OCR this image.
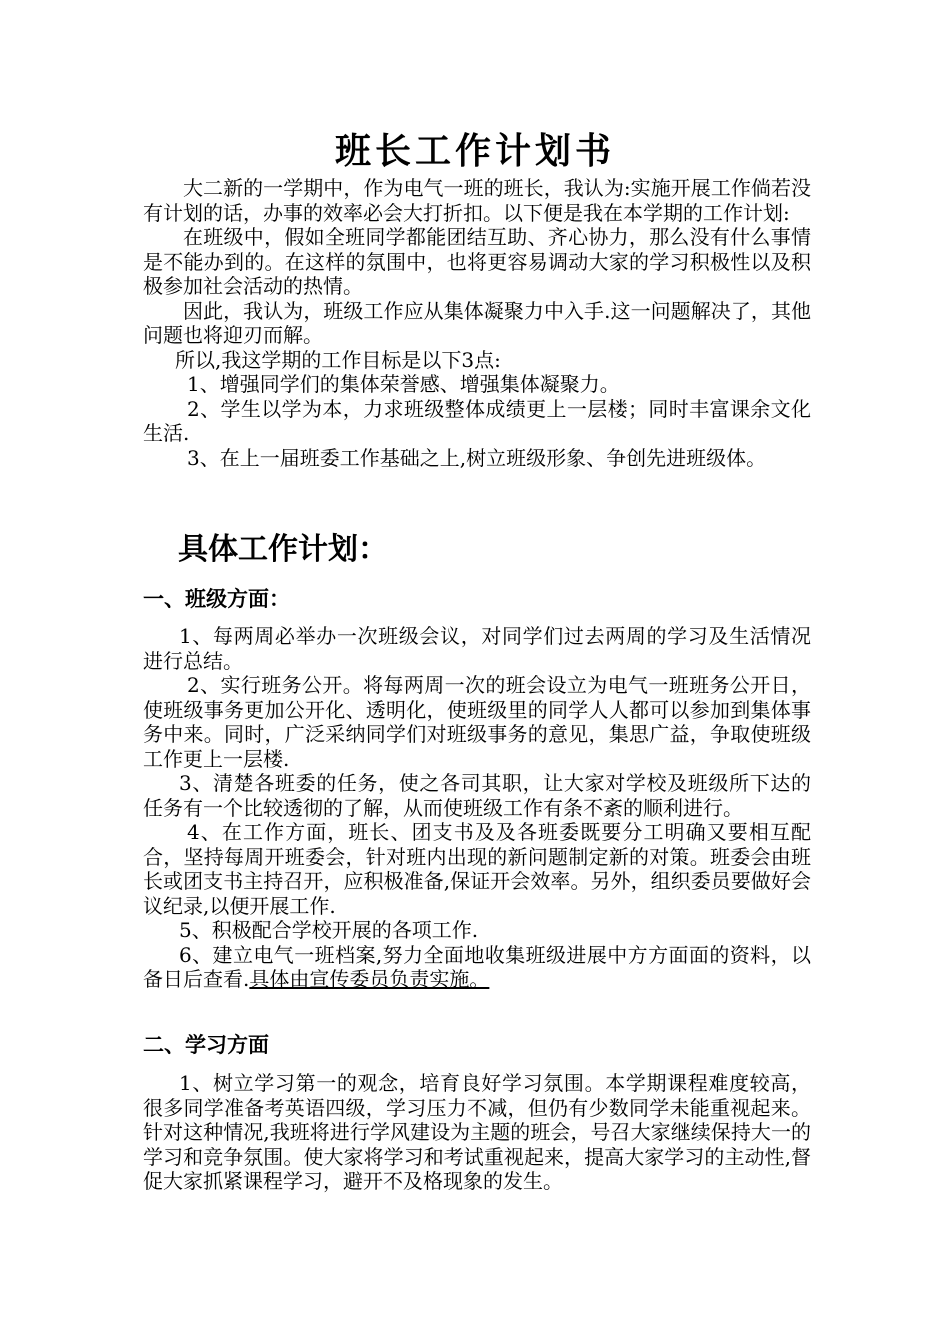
班长工作计划书

大二新的一学期中，作为电气一班的班长，我认为:实施开展工作倘若没有计划的话，办事的效率必会大打折扣。以下便是我在本学期的工作计划:

在班级中，假如全班同学都能团结互助、齐心协力，那么没有什么事情是不能办到的。在这样的氛围中，也将更容易调动大家的学习积极性以及积极参加社会活动的热情。

因此，我认为，班级工作应从集体凝聚力中入手.这一问题解决了，其他问题也将迎刃而解。

所以,我这学期的工作目标是以下3点:

1、增强同学们的集体荣誉感、增强集体凝聚力。

2、学生以学为本，力求班级整体成绩更上一层楼；同时丰富课余文化生活.

3、在上一届班委工作基础之上,树立班级形象、争创先进班级体。

具体工作计划：
一、班级方面：

1、每两周必举办一次班级会议，对同学们过去两周的学习及生活情况进行总结。

2、实行班务公开。将每两周一次的班会设立为电气一班班务公开日，使班级事务更加公开化、透明化，使班级里的同学人人都可以参加到集体事务中来。同时，广泛采纳同学们对班级事务的意见，集思广益，争取使班级工作更上一层楼.

3、清楚各班委的任务，使之各司其职，让大家对学校及班级所下达的任务有一个比较透彻的了解，从而使班级工作有条不紊的顺利进行。

4、在工作方面，班长、团支书及及各班委既要分工明确又要相互配合，坚持每周开班委会，针对班内出现的新问题制定新的对策。班委会由班长或团支书主持召开，应积极准备,保证开会效率。另外，组织委员要做好会议纪录,以便开展工作.

5、积极配合学校开展的各项工作.

6、建立电气一班档案,努力全面地收集班级进展中方方面面的资料，以备日后查看.具体由宣传委员负责实施。

二、学习方面

1、树立学习第一的观念，培育良好学习氛围。本学期课程难度较高，很多同学准备考英语四级，学习压力不减，但仍有少数同学未能重视起来。针对这种情况,我班将进行学风建设为主题的班会，号召大家继续保持大一的学习和竞争氛围。使大家将学习和考试重视起来，提高大家学习的主动性,督促大家抓紧课程学习，避开不及格现象的发生。
